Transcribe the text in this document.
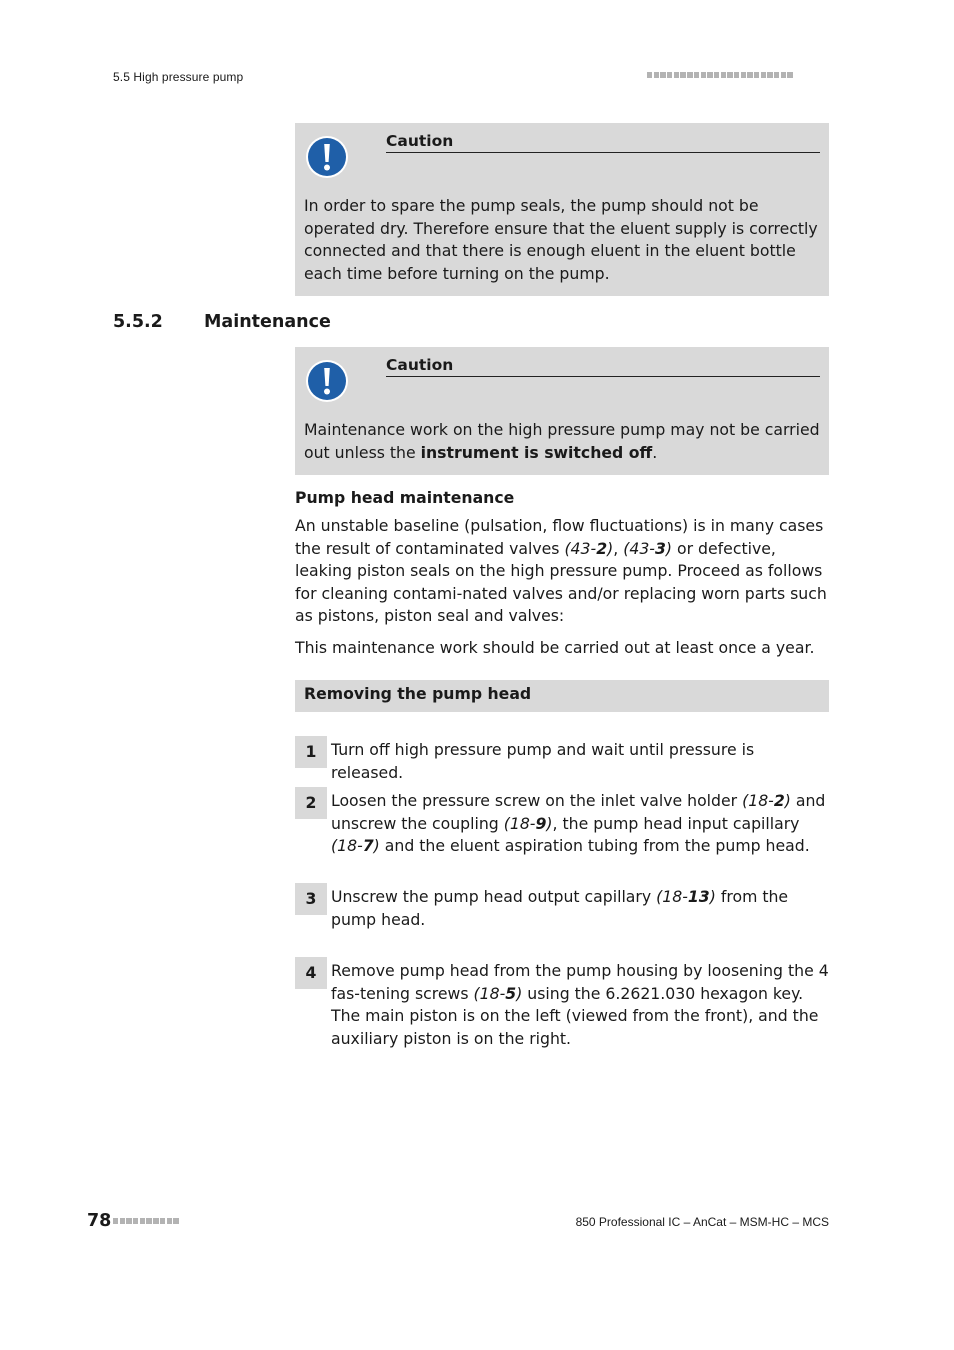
5.5 High pressure pump
Caution
In order to spare the pump seals, the pump should not be operated dry. Therefore ensure that the eluent supply is correctly connected and that there is enough eluent in the eluent bottle each time before turning on the pump.
5.5.2 Maintenance
Caution
Maintenance work on the high pressure pump may not be carried out unless the instrument is switched off.
Pump head maintenance
An unstable baseline (pulsation, flow fluctuations) is in many cases the result of contaminated valves (43-2), (43-3) or defective, leaking piston seals on the high pressure pump. Proceed as follows for cleaning contami-nated valves and/or replacing worn parts such as pistons, piston seal and valves:
This maintenance work should be carried out at least once a year.
Removing the pump head
1 Turn off high pressure pump and wait until pressure is released.
2 Loosen the pressure screw on the inlet valve holder (18-2) and unscrew the coupling (18-9), the pump head input capillary (18-7) and the eluent aspiration tubing from the pump head.
3 Unscrew the pump head output capillary (18-13) from the pump head.
4 Remove pump head from the pump housing by loosening the 4 fas-tening screws (18-5) using the 6.2621.030 hexagon key. The main piston is on the left (viewed from the front), and the auxiliary piston is on the right.
78	850 Professional IC – AnCat – MSM-HC – MCS
